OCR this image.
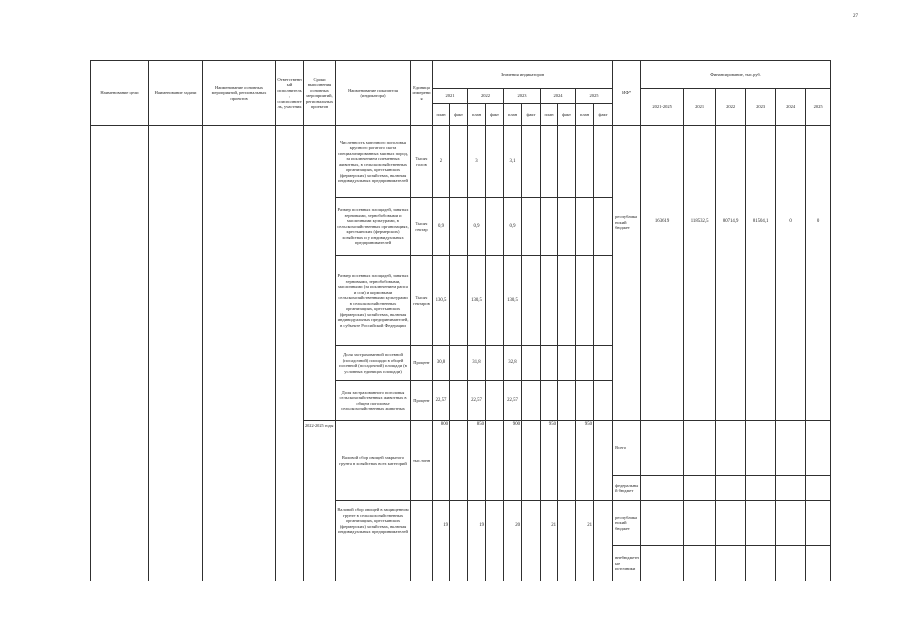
27
Наименование цели	Наименование задачи	Наименование основных мероприятий, региональных проектов	Ответственный исполнитель, соисполнитель, участник	Сроки выполнения основных мероприятий, региональных проектов	Наименование показателя (индикатора)	Единица измерения	Значения индикаторов										ИФ*	Финансирование, тыс.руб.					
							2021		2022		2023		2024		2025			2021-2025	2021	2022	2023	2024	2025
							план	факт	план	факт	план	факт	план	факт	план	факт							
					Численность маточного поголовья крупного рогатого скота специализированных мясных пород, за исключением племенных животных, в сельскохозяйственных организациях, крестьянских (фермерских) хозяйствах, включая индивидуальных предпринимателей	Тысяч голов	2		3		3,1						республиканский бюджет	163619	118532,5	80714,9	81504,1	0	0
					Размер посевных площадей, занятых зерновыми, зернобобовыми и масличными культурами, в сельскохозяйственных организациях, крестьянских (фермерских) хозяйствах и у индивидуальных предпринимателей	Тысяч гектар	0,9		0,9		0,9												
					Размер посевных площадей, занятых зерновыми, зернобобовыми, масличными (за исключением рапса и сои) и кормовыми сельскохозяйственными культурами в сельскохозяйственных организациях, крестьянских (фермерских) хозяйствах, включая индивидуальных предпринимателей, в субъекте Российской Федерации	Тысяч гектаров	130,5		130,5		130,5												
					Доля застрахованной посевной (посадочной) площади в общей посевной (посадочной) площади (в условных единицах площади)	Процент	30,8		31,8		32,8												
					Доля застрахованного поголовья сельскохозяйственных животных в общем поголовье сельскохозяйственных животных	Процент	22,57		22,57		22,57												
				2022-2025 годы	Валовой сбор овощей закрытого грунта в хозяйствах всех категорий	тыс.тонн	800		850		900		950		950		Всего						
																	федеральный бюджет						
					Валовой сбор овощей в защищенном грунте в сельскохозяйственных организациях, крестьянских (фермерских) хозяйствах, включая индивидуальных предпринимателей		19		19		20		21		21		республиканский бюджет						
																	внебюджетные источники						
